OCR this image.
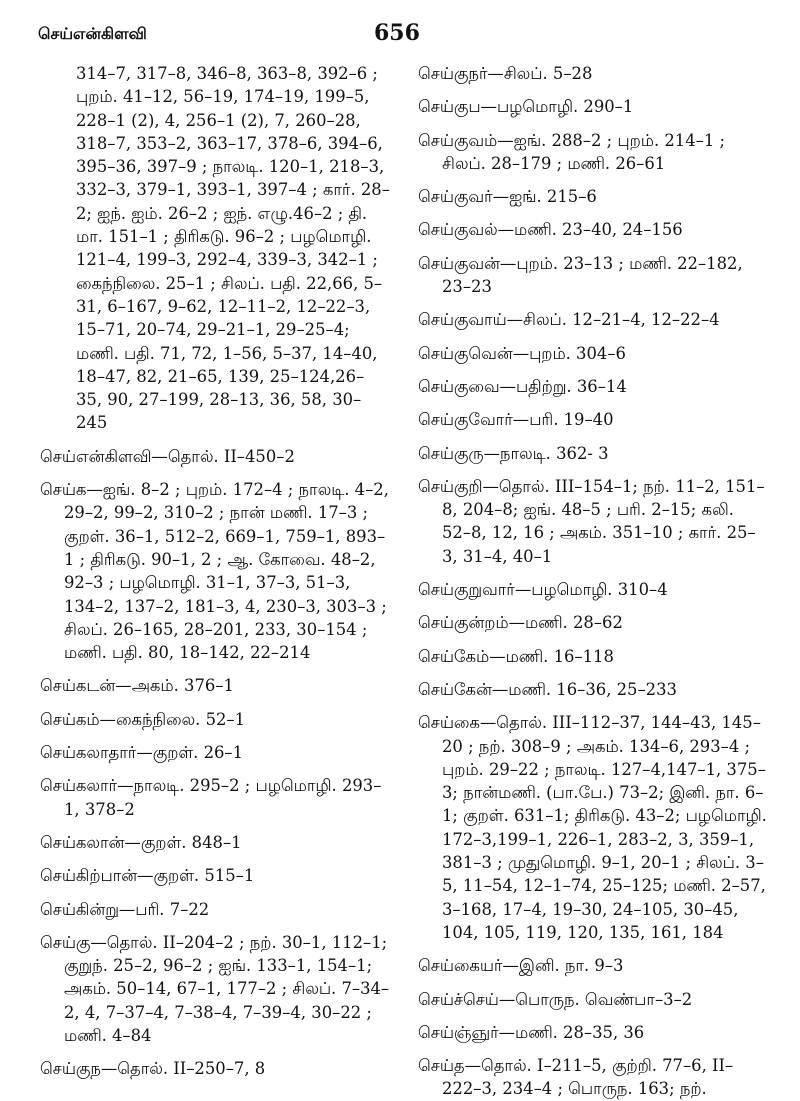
செய்என்கிளவி	656
314–7, 317–8, 346–8, 363–8, 392–6 ; புறம். 41–12, 56–19, 174–19, 199–5, 228–1 (2), 4, 256–1 (2), 7, 260–28, 318–7, 353–2, 363–17, 378–6, 394–6, 395–36, 397–9 ; நாலடி. 120–1, 218–3, 332–3, 379–1, 393–1, 397–4 ; கார். 28–2; ஐந். ஐம். 26–2 ; ஐந். எழு.46–2 ; தி. மா. 151–1 ; திரிகடு. 96–2 ; பழமொழி. 121–4, 199–3, 292–4, 339–3, 342–1 ; கைந்நிலை. 25–1 ; சிலப். பதி. 22,66, 5–31, 6–167, 9–62, 12–11–2, 12–22–3, 15–71, 20–74, 29–21–1, 29–25–4; மணி. பதி. 71, 72, 1–56, 5–37, 14–40, 18–47, 82, 21–65, 139, 25–124,26–35, 90, 27–199, 28–13, 36, 58, 30–245
செய்என்கிளவி—தொல். II–450–2
செய்க—ஐங். 8–2 ; புறம். 172–4 ; நாலடி. 4–2, 29–2, 99–2, 310–2 ; நான் மணி. 17–3 ; குறள். 36–1, 512–2, 669–1, 759–1, 893–1 ; திரிகடு. 90–1, 2 ; ஆ. கோவை. 48–2, 92–3 ; பழமொழி. 31–1, 37–3, 51–3, 134–2, 137–2, 181–3, 4, 230–3, 303–3 ; சிலப். 26–165, 28–201, 233, 30–154 ; மணி. பதி. 80, 18–142, 22–214
செய்கடன்—அகம். 376–1
செய்கம்—கைந்நிலை. 52–1
செய்கலாதார்—குறள். 26–1
செய்கலார்—நாலடி. 295–2 ; பழமொழி. 293–1, 378–2
செய்கலான்—குறள். 848–1
செய்கிற்பான்—குறள். 515–1
செய்கின்று—பரி. 7–22
செய்கு—தொல். II–204–2 ; நற். 30–1, 112–1; குறுந். 25–2, 96–2 ; ஐங். 133–1, 154–1; அகம். 50–14, 67–1, 177–2 ; சிலப். 7–34–2, 4, 7–37–4, 7–38–4, 7–39–4, 30–22 ; மணி. 4–84
செய்குந—தொல். II–250–7, 8
செய்குநர்—சிலப். 5–28
செய்குப—பழமொழி. 290–1
செய்குவம்—ஐங். 288–2 ; புறம். 214–1 ; சிலப். 28–179 ; மணி. 26–61
செய்குவர்—ஐங். 215–6
செய்குவல்—மணி. 23–40, 24–156
செய்குவன்—புறம். 23–13 ; மணி. 22–182, 23–23
செய்குவாய்—சிலப். 12–21–4, 12–22–4
செய்குவென்—புறம். 304–6
செய்குவை—பதிற்று. 36–14
செய்குவோர்—பரி. 19–40
செய்குரு—நாலடி. 362- 3
செய்குறி—தொல். III–154–1; நற். 11–2, 151–8, 204–8; ஐங். 48–5 ; பரி. 2–15; கலி. 52–8, 12, 16 ; அகம். 351–10 ; கார். 25–3, 31–4, 40–1
செய்குறுவார்—பழமொழி. 310–4
செய்குன்றம்—மணி. 28–62
செய்கேம்—மணி. 16–118
செய்கேன்—மணி. 16–36, 25–233
செய்கை—தொல். III–112–37, 144–43, 145–20 ; நற். 308–9 ; அகம். 134–6, 293–4 ; புறம். 29–22 ; நாலடி. 127–4,147–1, 375–3; நான்மணி. (பா.பே.) 73–2; இனி. நா. 6–1; குறள். 631–1; திரிகடு. 43–2; பழமொழி. 172–3,199–1, 226–1, 283–2, 3, 359–1, 381–3 ; முதுமொழி. 9–1, 20–1 ; சிலப். 3–5, 11–54, 12–1–74, 25–125; மணி. 2–57, 3–168, 17–4, 19–30, 24–105, 30–45, 104, 105, 119, 120, 135, 161, 184
செய்கையர்—இனி. நா. 9–3
செய்ச்செய்—பொருந. வெண்பா–3–2
செய்ஞ்ஞுர்—மணி. 28–35, 36
செய்த—தொல். I–211–5, குற்றி. 77–6, II–222–3, 234–4 ; பொருந. 163; நற்.
